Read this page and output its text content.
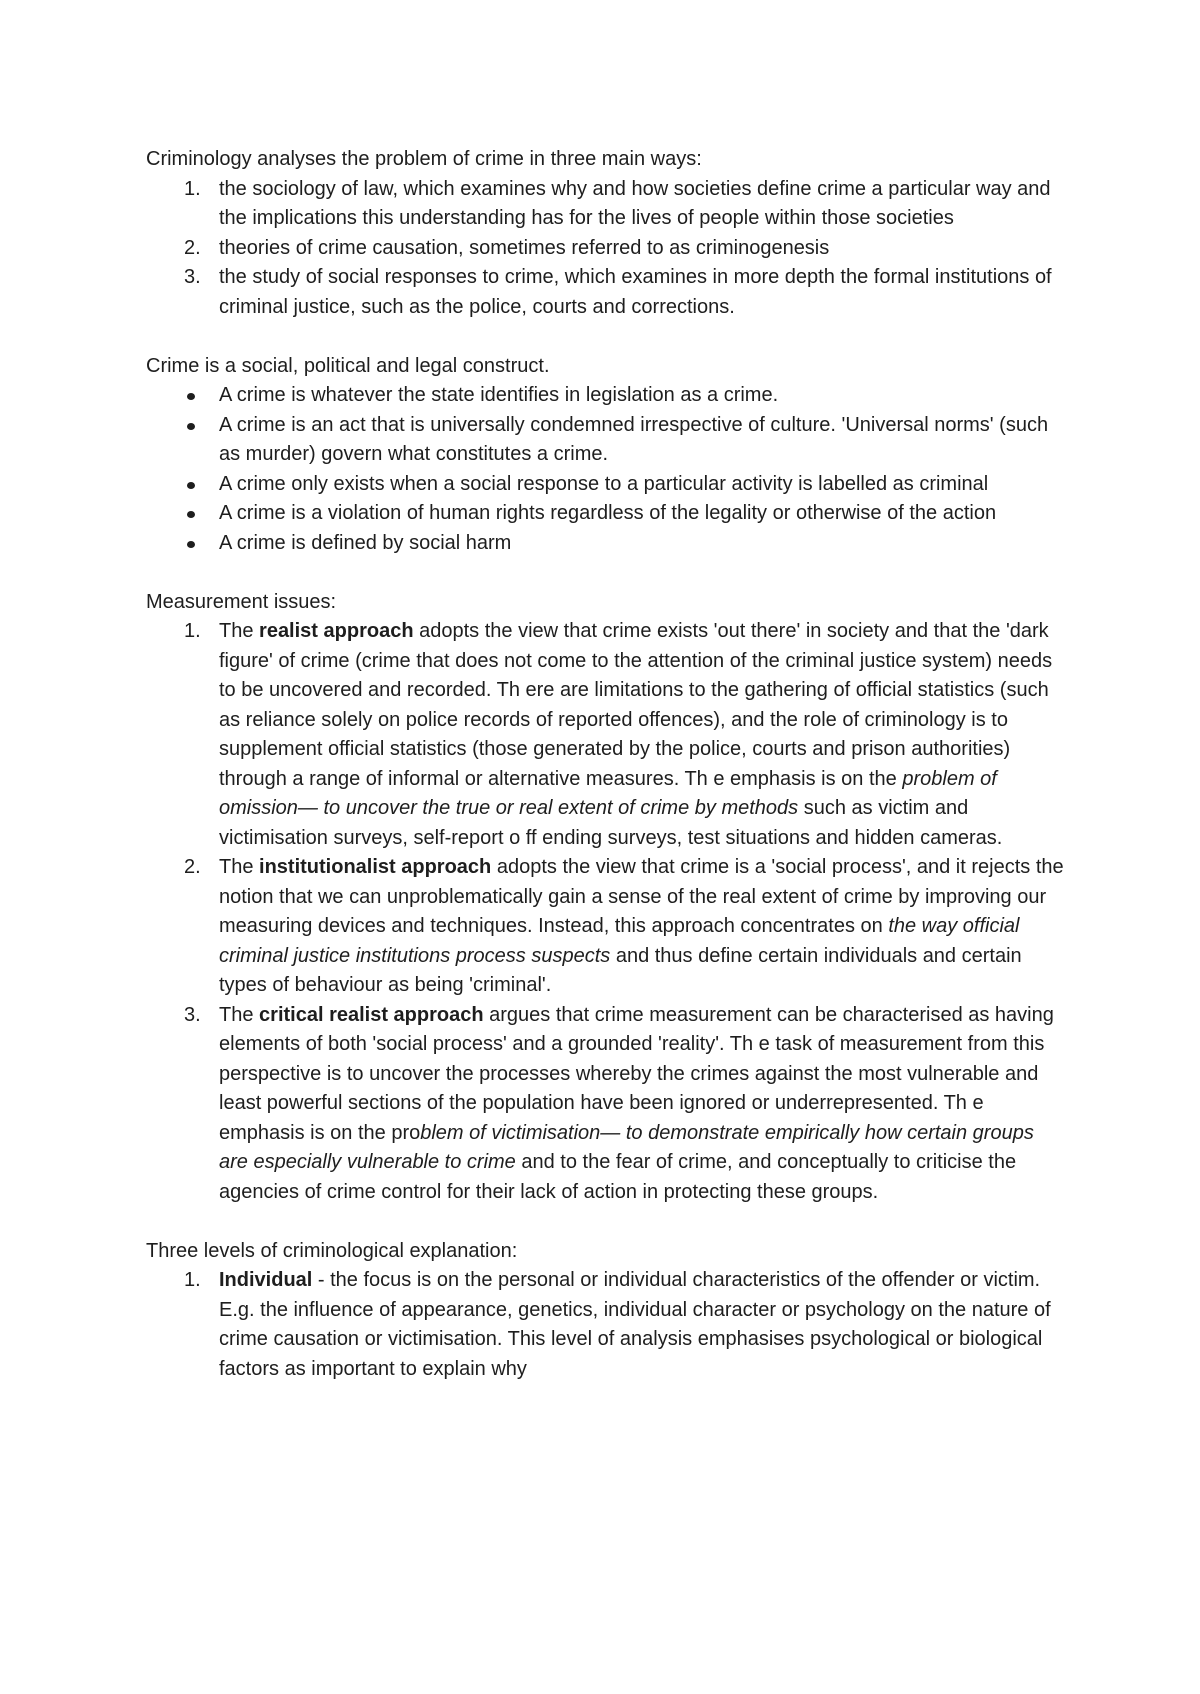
Criminology analyses the problem of crime in three main ways:

1. the sociology of law, which examines why and how societies define crime a particular way and the implications this understanding has for the lives of people within those societies
2. theories of crime causation, sometimes referred to as criminogenesis
3. the study of social responses to crime, which examines in more depth the formal institutions of criminal justice, such as the police, courts and corrections.

Crime is a social, political and legal construct.

A crime is whatever the state identifies in legislation as a crime.
A crime is an act that is universally condemned irrespective of culture. 'Universal norms' (such as murder) govern what constitutes a crime.
A crime only exists when a social response to a particular activity is labelled as criminal
A crime is a violation of human rights regardless of the legality or otherwise of the action
A crime is defined by social harm

Measurement issues:

1. The realist approach adopts the view that crime exists 'out there' in society and that the 'dark figure' of crime (crime that does not come to the attention of the criminal justice system) needs to be uncovered and recorded. Th ere are limitations to the gathering of official statistics (such as reliance solely on police records of reported offences), and the role of criminology is to supplement official statistics (those generated by the police, courts and prison authorities) through a range of informal or alternative measures. Th e emphasis is on the problem of omission— to uncover the true or real extent of crime by methods such as victim and victimisation surveys, self-report o ff ending surveys, test situations and hidden cameras.
2. The institutionalist approach adopts the view that crime is a 'social process', and it rejects the notion that we can unproblematically gain a sense of the real extent of crime by improving our measuring devices and techniques. Instead, this approach concentrates on the way official criminal justice institutions process suspects and thus define certain individuals and certain types of behaviour as being 'criminal'.
3. The critical realist approach argues that crime measurement can be characterised as having elements of both 'social process' and a grounded 'reality'. Th e task of measurement from this perspective is to uncover the processes whereby the crimes against the most vulnerable and least powerful sections of the population have been ignored or underrepresented. Th e emphasis is on the problem of victimisation— to demonstrate empirically how certain groups are especially vulnerable to crime and to the fear of crime, and conceptually to criticise the agencies of crime control for their lack of action in protecting these groups.

Three levels of criminological explanation:

1. Individual - the focus is on the personal or individual characteristics of the offender or victim. E.g. the influence of appearance, genetics, individual character or psychology on the nature of crime causation or victimisation. This level of analysis emphasises psychological or biological factors as important to explain why
